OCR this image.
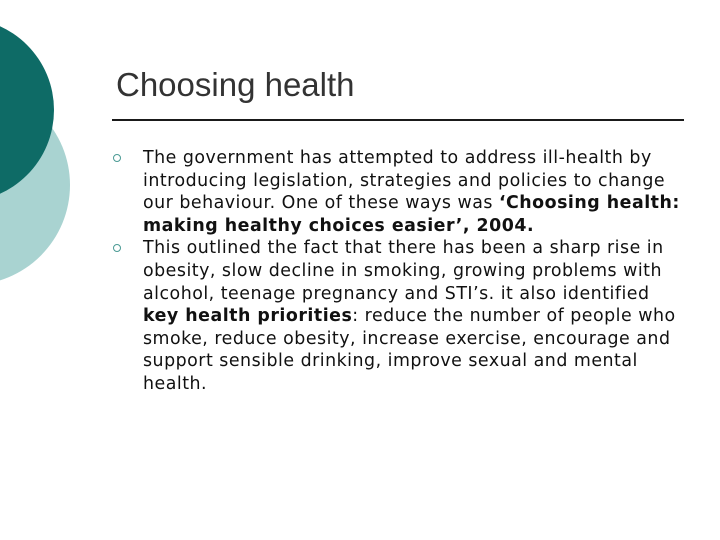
Choosing health
The government has attempted to address ill-health by introducing legislation, strategies and policies to change our behaviour. One of these ways was ‘Choosing health: making healthy choices easier’, 2004.
This outlined the fact that there has been a sharp rise in obesity, slow decline in smoking, growing problems with alcohol, teenage pregnancy and STI’s. it also identified key health priorities: reduce the number of people who smoke, reduce obesity, increase exercise, encourage and support sensible drinking, improve sexual and mental health.
